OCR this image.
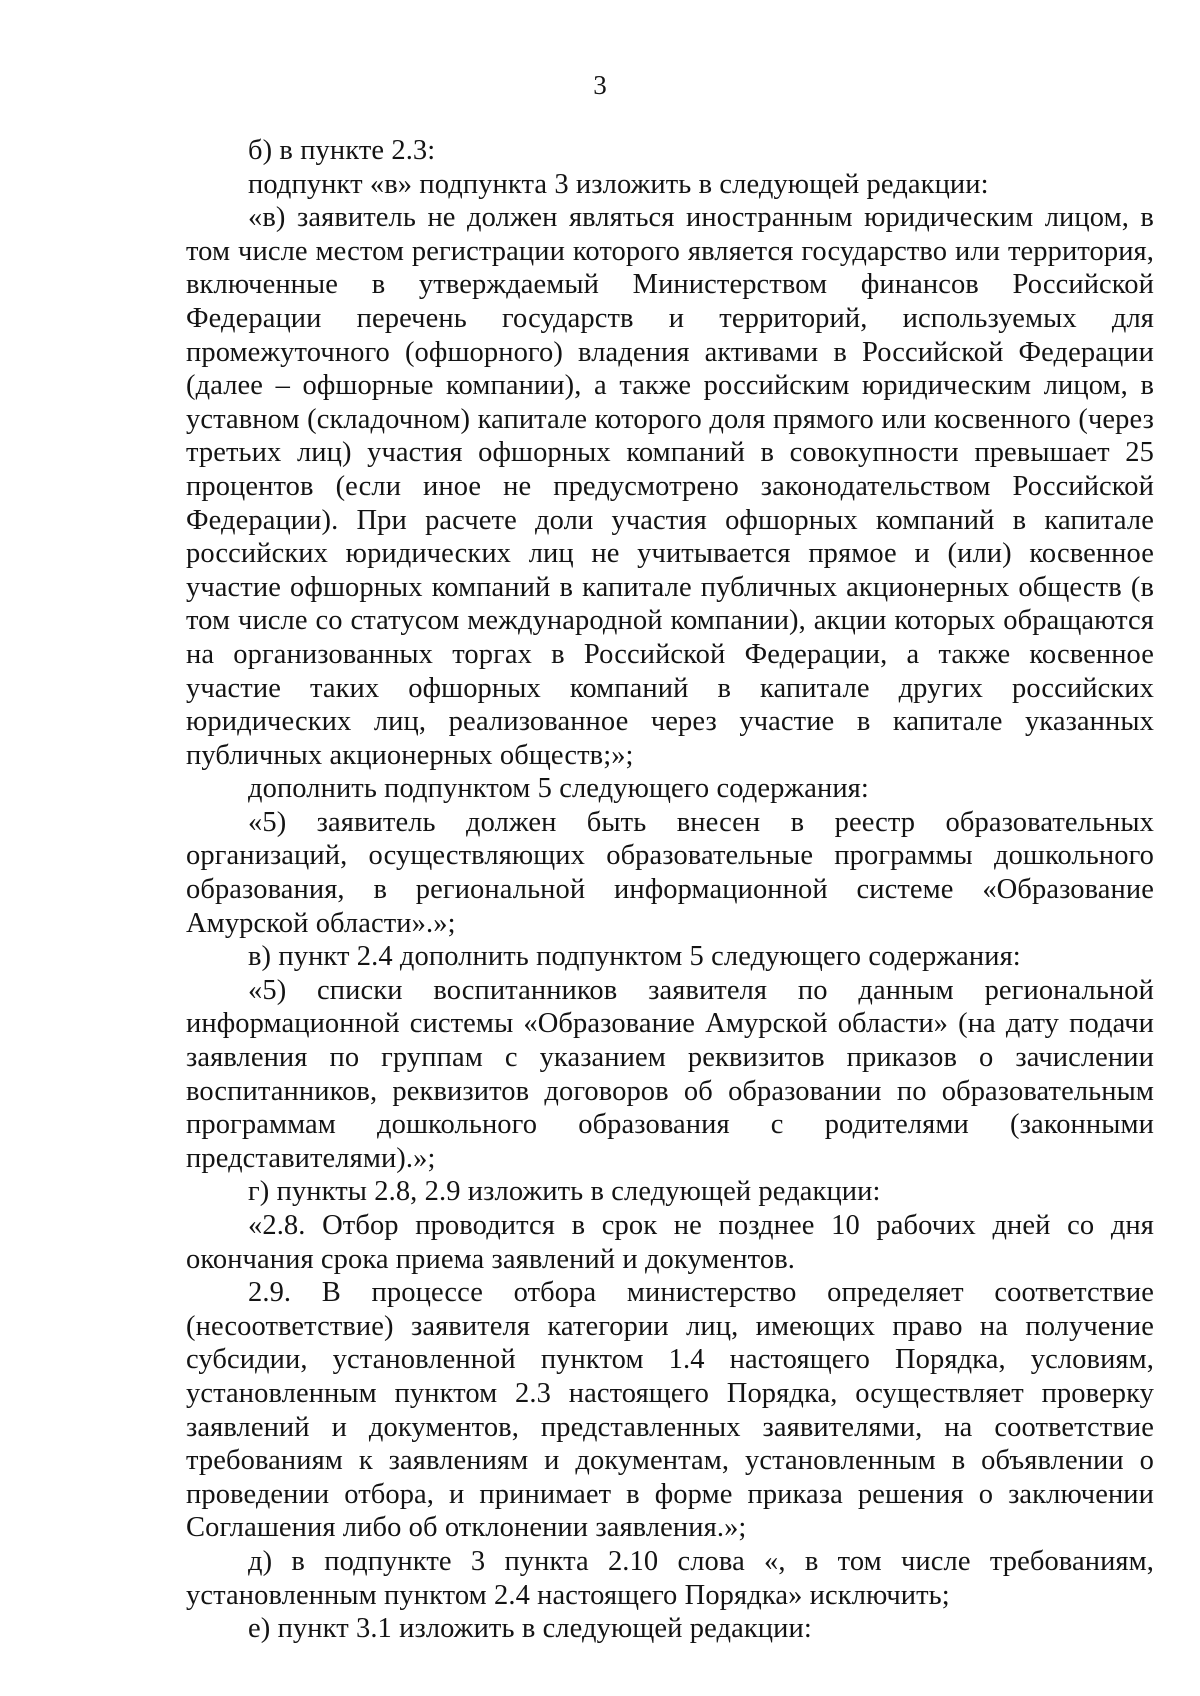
3

б) в пункте 2.3:

подпункт «в» подпункта 3 изложить в следующей редакции:

«в) заявитель не должен являться иностранным юридическим лицом, в том числе местом регистрации которого является государство или территория, включенные в утверждаемый Министерством финансов Российской Федерации перечень государств и территорий, используемых для промежуточного (офшорного) владения активами в Российской Федерации (далее – офшорные компании), а также российским юридическим лицом, в уставном (складочном) капитале которого доля прямого или косвенного (через третьих лиц) участия офшорных компаний в совокупности превышает 25 процентов (если иное не предусмотрено законодательством Российской Федерации). При расчете доли участия офшорных компаний в капитале российских юридических лиц не учитывается прямое и (или) косвенное участие офшорных компаний в капитале публичных акционерных обществ (в том числе со статусом международной компании), акции которых обращаются на организованных торгах в Российской Федерации, а также косвенное участие таких офшорных компаний в капитале других российских юридических лиц, реализованное через участие в капитале указанных публичных акционерных обществ;»;

дополнить подпунктом 5 следующего содержания:

«5) заявитель должен быть внесен в реестр образовательных организаций, осуществляющих образовательные программы дошкольного образования, в региональной информационной системе «Образование Амурской области».»;

в) пункт 2.4 дополнить подпунктом 5 следующего содержания:

«5) списки воспитанников заявителя по данным региональной информационной системы «Образование Амурской области» (на дату подачи заявления по группам с указанием реквизитов приказов о зачислении воспитанников, реквизитов договоров об образовании по образовательным программам дошкольного образования с родителями (законными представителями).»;

г) пункты 2.8, 2.9 изложить в следующей редакции:

«2.8. Отбор проводится в срок не позднее 10 рабочих дней со дня окончания срока приема заявлений и документов.

2.9. В процессе отбора министерство определяет соответствие (несоответствие) заявителя категории лиц, имеющих право на получение субсидии, установленной пунктом 1.4 настоящего Порядка, условиям, установленным пунктом 2.3 настоящего Порядка, осуществляет проверку заявлений и документов, представленных заявителями, на соответствие требованиям к заявлениям и документам, установленным в объявлении о проведении отбора, и принимает в форме приказа решения о заключении Соглашения либо об отклонении заявления.»;

д) в подпункте 3 пункта 2.10 слова «, в том числе требованиям, установленным пунктом 2.4 настоящего Порядка» исключить;

е) пункт 3.1 изложить в следующей редакции:
